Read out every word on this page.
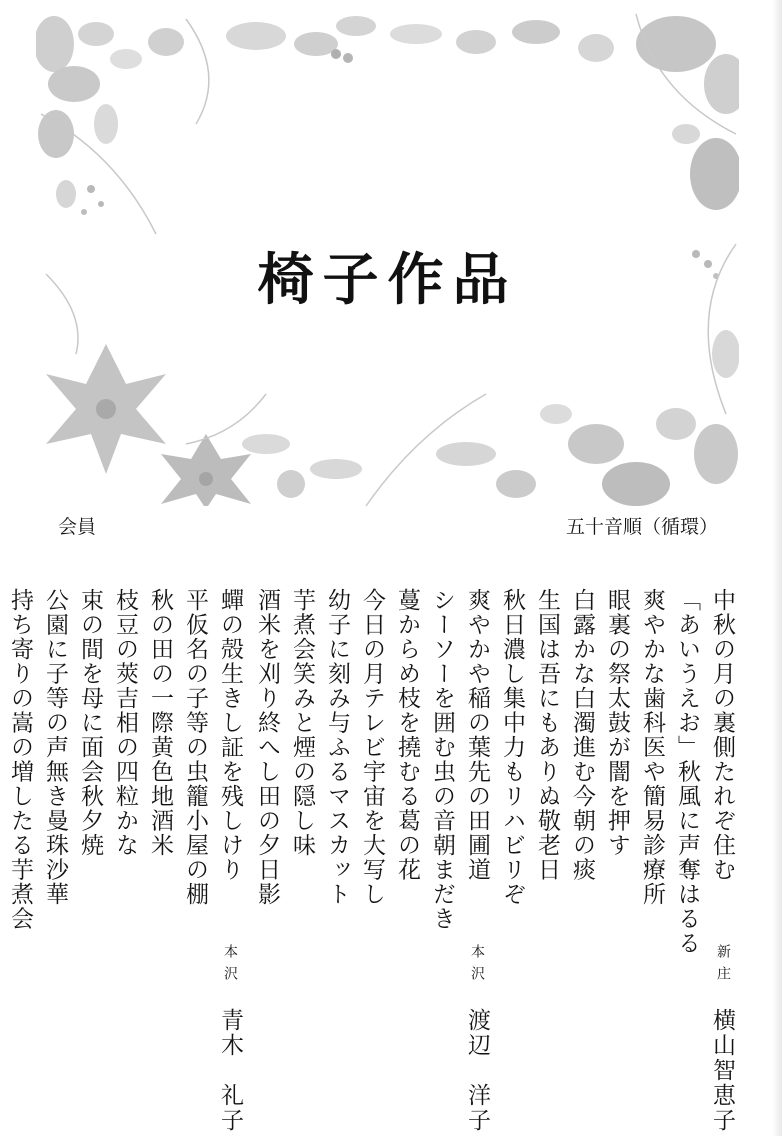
椅子作品
会員	五十音順（循環）
中秋の月の裏側たれぞ住む
「あいうえお」秋風に声奪はるる
爽やかな歯科医や簡易診療所
眼裏の祭太鼓が闇を押す
白露かな白濁進む今朝の痰
生国は吾にもありぬ敬老日
秋日濃し集中力もリハビリぞ
新庄
横山智恵子
爽やかや稲の葉先の田圃道
シーソーを囲む虫の音朝まだき
蔓からめ枝を撓むる葛の花
今日の月テレビ宇宙を大写し
幼子に刻み与ふるマスカット
芋煮会笑みと煙の隠し味
酒米を刈り終へし田の夕日影
本沢
渡辺　洋子
蟬の殻生きし証を残しけり
平仮名の子等の虫籠小屋の棚
秋の田の一際黄色地酒米
枝豆の莢吉相の四粒かな
束の間を母に面会秋夕焼
公園に子等の声無き曼珠沙華
持ち寄りの嵩の増したる芋煮会
本沢
青木　礼子
